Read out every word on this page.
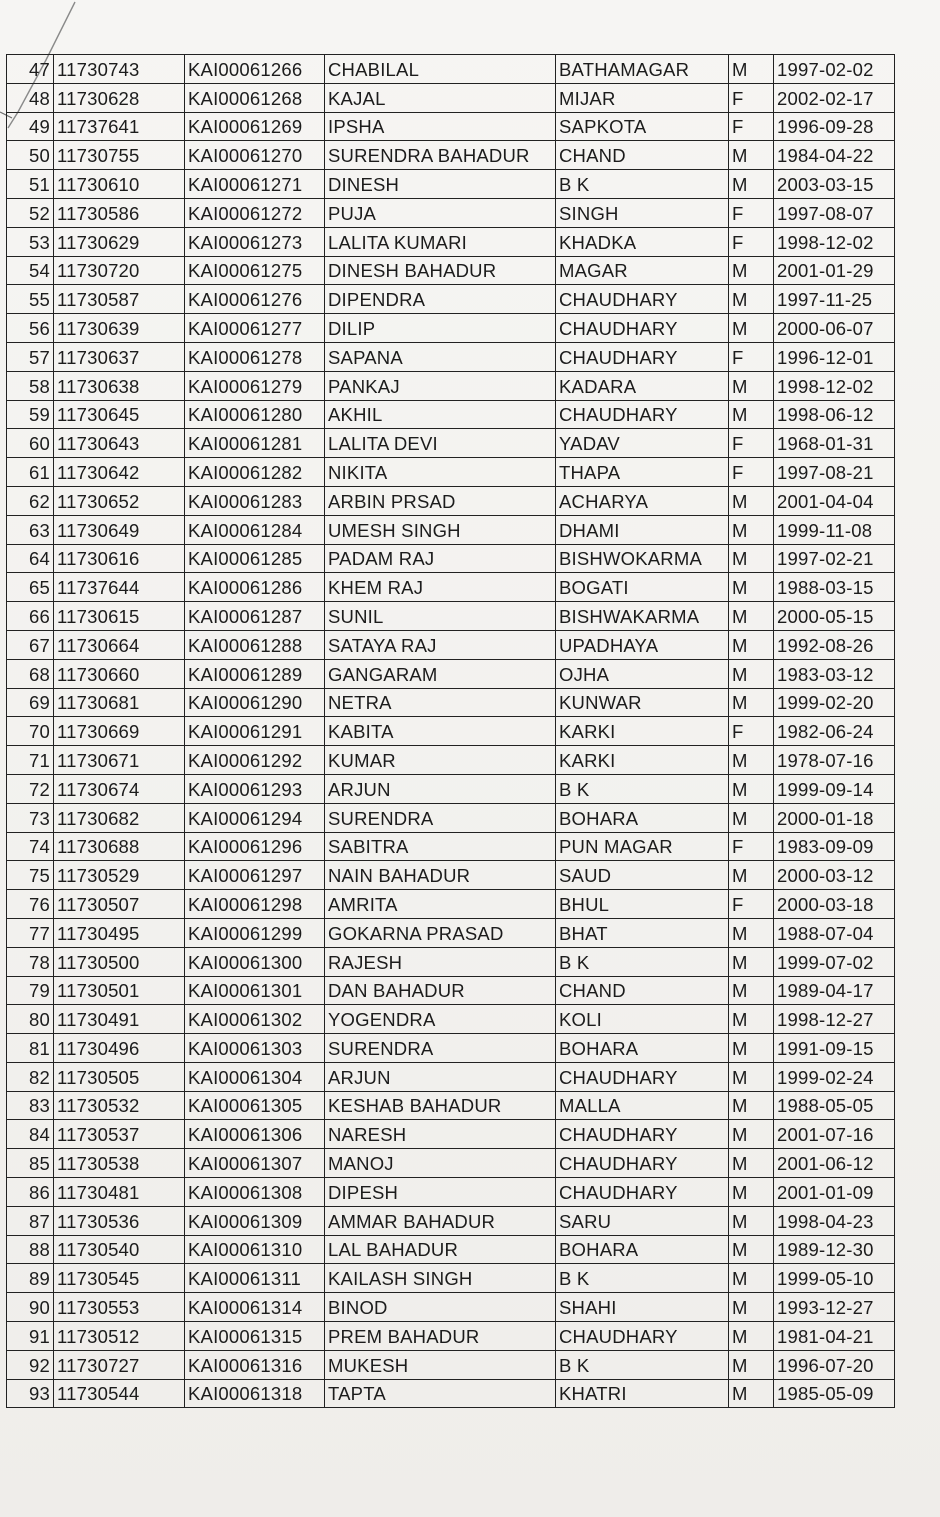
47	11730743	KAI00061266	CHABILAL	BATHAMAGAR	M	1997-02-02
48	11730628	KAI00061268	KAJAL	MIJAR	F	2002-02-17
49	11737641	KAI00061269	IPSHA	SAPKOTA	F	1996-09-28
50	11730755	KAI00061270	SURENDRA BAHADUR	CHAND	M	1984-04-22
51	11730610	KAI00061271	DINESH	B K	M	2003-03-15
52	11730586	KAI00061272	PUJA	SINGH	F	1997-08-07
53	11730629	KAI00061273	LALITA KUMARI	KHADKA	F	1998-12-02
54	11730720	KAI00061275	DINESH BAHADUR	MAGAR	M	2001-01-29
55	11730587	KAI00061276	DIPENDRA	CHAUDHARY	M	1997-11-25
56	11730639	KAI00061277	DILIP	CHAUDHARY	M	2000-06-07
57	11730637	KAI00061278	SAPANA	CHAUDHARY	F	1996-12-01
58	11730638	KAI00061279	PANKAJ	KADARA	M	1998-12-02
59	11730645	KAI00061280	AKHIL	CHAUDHARY	M	1998-06-12
60	11730643	KAI00061281	LALITA DEVI	YADAV	F	1968-01-31
61	11730642	KAI00061282	NIKITA	THAPA	F	1997-08-21
62	11730652	KAI00061283	ARBIN PRSAD	ACHARYA	M	2001-04-04
63	11730649	KAI00061284	UMESH SINGH	DHAMI	M	1999-11-08
64	11730616	KAI00061285	PADAM RAJ	BISHWOKARMA	M	1997-02-21
65	11737644	KAI00061286	KHEM RAJ	BOGATI	M	1988-03-15
66	11730615	KAI00061287	SUNIL	BISHWAKARMA	M	2000-05-15
67	11730664	KAI00061288	SATAYA RAJ	UPADHAYA	M	1992-08-26
68	11730660	KAI00061289	GANGARAM	OJHA	M	1983-03-12
69	11730681	KAI00061290	NETRA	KUNWAR	M	1999-02-20
70	11730669	KAI00061291	KABITA	KARKI	F	1982-06-24
71	11730671	KAI00061292	KUMAR	KARKI	M	1978-07-16
72	11730674	KAI00061293	ARJUN	B K	M	1999-09-14
73	11730682	KAI00061294	SURENDRA	BOHARA	M	2000-01-18
74	11730688	KAI00061296	SABITRA	PUN MAGAR	F	1983-09-09
75	11730529	KAI00061297	NAIN BAHADUR	SAUD	M	2000-03-12
76	11730507	KAI00061298	AMRITA	BHUL	F	2000-03-18
77	11730495	KAI00061299	GOKARNA PRASAD	BHAT	M	1988-07-04
78	11730500	KAI00061300	RAJESH	B K	M	1999-07-02
79	11730501	KAI00061301	DAN BAHADUR	CHAND	M	1989-04-17
80	11730491	KAI00061302	YOGENDRA	KOLI	M	1998-12-27
81	11730496	KAI00061303	SURENDRA	BOHARA	M	1991-09-15
82	11730505	KAI00061304	ARJUN	CHAUDHARY	M	1999-02-24
83	11730532	KAI00061305	KESHAB BAHADUR	MALLA	M	1988-05-05
84	11730537	KAI00061306	NARESH	CHAUDHARY	M	2001-07-16
85	11730538	KAI00061307	MANOJ	CHAUDHARY	M	2001-06-12
86	11730481	KAI00061308	DIPESH	CHAUDHARY	M	2001-01-09
87	11730536	KAI00061309	AMMAR BAHADUR	SARU	M	1998-04-23
88	11730540	KAI00061310	LAL BAHADUR	BOHARA	M	1989-12-30
89	11730545	KAI00061311	KAILASH SINGH	B K	M	1999-05-10
90	11730553	KAI00061314	BINOD	SHAHI	M	1993-12-27
91	11730512	KAI00061315	PREM BAHADUR	CHAUDHARY	M	1981-04-21
92	11730727	KAI00061316	MUKESH	B K	M	1996-07-20
93	11730544	KAI00061318	TAPTA	KHATRI	M	1985-05-09
